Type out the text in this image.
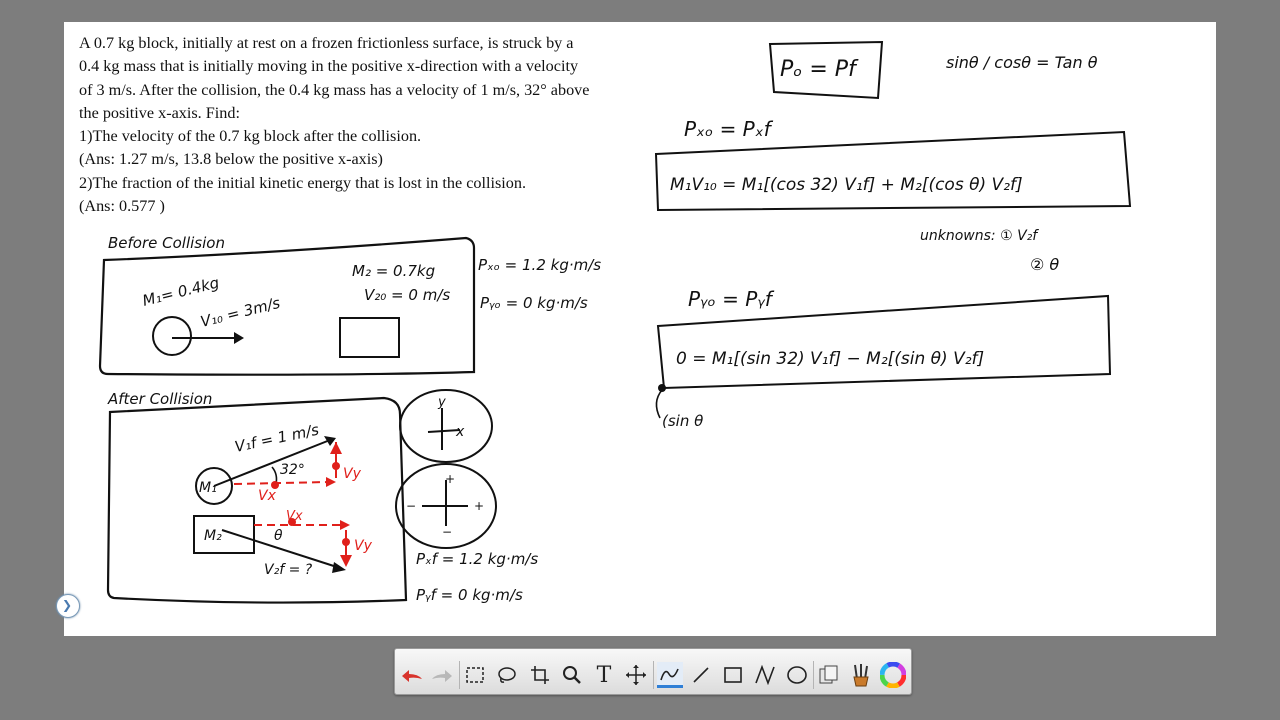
A 0.7 kg block, initially at rest on a frozen frictionless surface, is struck by a
0.4 kg mass that is initially moving in the positive x-direction with a velocity
of 3 m/s. After the collision, the 0.4 kg mass has a velocity of 1 m/s, 32° above
the positive x-axis. Find:
1)The velocity of the 0.7 kg block after the collision.
(Ans: 1.27 m/s, 13.8 below the positive x-axis)
2)The fraction of the initial kinetic energy that is lost in the collision.
(Ans: 0.577 )
Before Collision
M₁= 0.4kg
V₁₀ = 3m/s
M₂ = 0.7kg
V₂₀ = 0 m/s
Pₓₒ = 1.2 kg·m/s
Pᵧₒ = 0 kg·m/s
After Collision
V₁f = 1 m/s
M₁
32°
Vx
Vy
M₂
Vx
Vy
θ
V₂f = ?
y
x
+
+
−
−
Pₓf = 1.2 kg·m/s
Pᵧf = 0 kg·m/s
Pₒ = Pf	sinθ / cosθ = Tan θ
Pₓₒ = Pₓf
M₁V₁₀ = M₁[(cos 32) V₁f] + M₂[(cos θ) V₂f]
unknowns: ① V₂f
② θ
Pᵧₒ = Pᵧf
0 = M₁[(sin 32) V₁f] − M₂[(sin θ) V₂f]
(sin θ
❯
T
